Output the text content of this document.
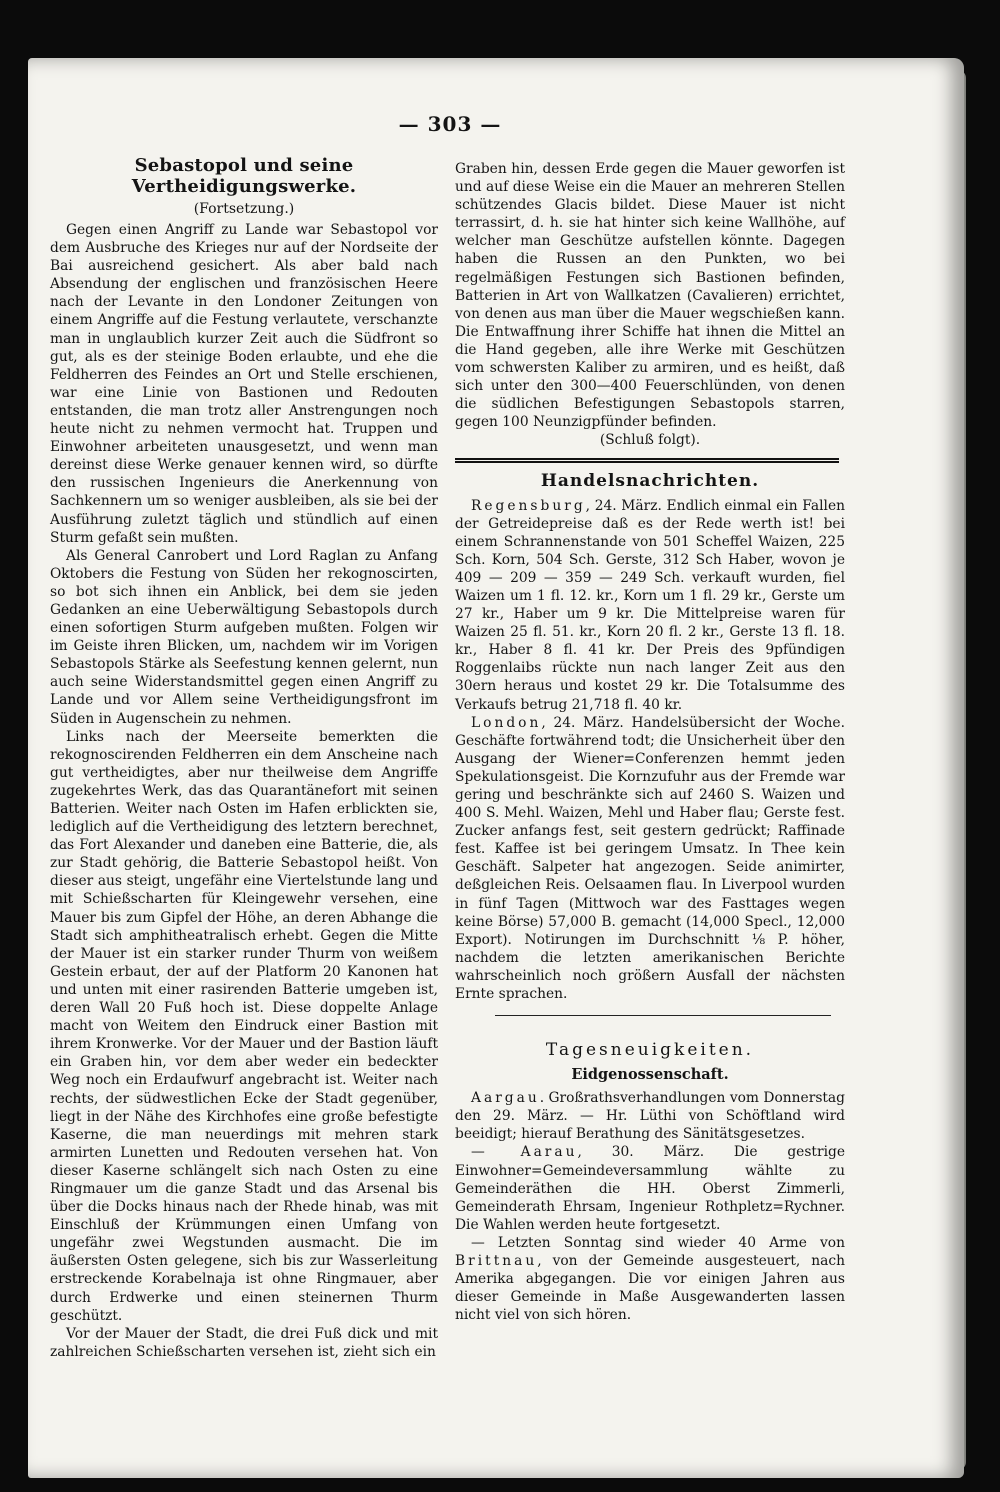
— 303 —
Sebastopol und seine Vertheidigungswerke.
(Fortsetzung.)

Gegen einen Angriff zu Lande war Sebastopol vor dem Ausbruche des Krieges nur auf der Nordseite der Bai ausreichend gesichert. Als aber bald nach Absendung der englischen und französischen Heere nach der Levante in den Londoner Zeitungen von einem Angriffe auf die Festung verlautete, verschanzte man in unglaublich kurzer Zeit auch die Südfront so gut, als es der steinige Boden erlaubte, und ehe die Feldherren des Feindes an Ort und Stelle erschienen, war eine Linie von Bastionen und Redouten entstanden, die man trotz aller Anstrengungen noch heute nicht zu nehmen vermocht hat. Truppen und Einwohner arbeiteten unausgesetzt, und wenn man dereinst diese Werke genauer kennen wird, so dürfte den russischen Ingenieurs die Anerkennung von Sachkennern um so weniger ausbleiben, als sie bei der Ausführung zuletzt täglich und stündlich auf einen Sturm gefaßt sein mußten.

Als General Canrobert und Lord Raglan zu Anfang Oktobers die Festung von Süden her rekognoscirten, so bot sich ihnen ein Anblick, bei dem sie jeden Gedanken an eine Ueberwältigung Sebastopols durch einen sofortigen Sturm aufgeben mußten. Folgen wir im Geiste ihren Blicken, um, nachdem wir im Vorigen Sebastopols Stärke als Seefestung kennen gelernt, nun auch seine Widerstandsmittel gegen einen Angriff zu Lande und vor Allem seine Vertheidigungsfront im Süden in Augenschein zu nehmen.

Links nach der Meerseite bemerkten die rekognoscirenden Feldherren ein dem Anscheine nach gut vertheidigtes, aber nur theilweise dem Angriffe zugekehrtes Werk, das das Quarantänefort mit seinen Batterien. Weiter nach Osten im Hafen erblickten sie, lediglich auf die Vertheidigung des letztern berechnet, das Fort Alexander und daneben eine Batterie, die, als zur Stadt gehörig, die Batterie Sebastopol heißt. Von dieser aus steigt, ungefähr eine Viertelstunde lang und mit Schießscharten für Kleingewehr versehen, eine Mauer bis zum Gipfel der Höhe, an deren Abhange die Stadt sich amphitheatralisch erhebt. Gegen die Mitte der Mauer ist ein starker runder Thurm von weißem Gestein erbaut, der auf der Platform 20 Kanonen hat und unten mit einer rasirenden Batterie umgeben ist, deren Wall 20 Fuß hoch ist. Diese doppelte Anlage macht von Weitem den Eindruck einer Bastion mit ihrem Kronwerke. Vor der Mauer und der Bastion läuft ein Graben hin, vor dem aber weder ein bedeckter Weg noch ein Erdaufwurf angebracht ist. Weiter nach rechts, der südwestlichen Ecke der Stadt gegenüber, liegt in der Nähe des Kirchhofes eine große befestigte Kaserne, die man neuerdings mit mehren stark armirten Lunetten und Redouten versehen hat. Von dieser Kaserne schlängelt sich nach Osten zu eine Ringmauer um die ganze Stadt und das Arsenal bis über die Docks hinaus nach der Rhede hinab, was mit Einschluß der Krümmungen einen Umfang von ungefähr zwei Wegstunden ausmacht. Die im äußersten Osten gelegene, sich bis zur Wasserleitung erstreckende Korabelnaja ist ohne Ringmauer, aber durch Erdwerke und einen steinernen Thurm geschützt.

Vor der Mauer der Stadt, die drei Fuß dick und mit zahlreichen Schießscharten versehen ist, zieht sich ein

Graben hin, dessen Erde gegen die Mauer geworfen ist und auf diese Weise ein die Mauer an mehreren Stellen schützendes Glacis bildet. Diese Mauer ist nicht terrassirt, d. h. sie hat hinter sich keine Wallhöhe, auf welcher man Geschütze aufstellen könnte. Dagegen haben die Russen an den Punkten, wo bei regelmäßigen Festungen sich Bastionen befinden, Batterien in Art von Wallkatzen (Cavalieren) errichtet, von denen aus man über die Mauer wegschießen kann. Die Entwaffnung ihrer Schiffe hat ihnen die Mittel an die Hand gegeben, alle ihre Werke mit Geschützen vom schwersten Kaliber zu armiren, und es heißt, daß sich unter den 300—400 Feuerschlünden, von denen die südlichen Befestigungen Sebastopols starren, gegen 100 Neunzigpfünder befinden.

(Schluß folgt).
Handelsnachrichten.

Regensburg, 24. März. Endlich einmal ein Fallen der Getreidepreise daß es der Rede werth ist! bei einem Schrannenstande von 501 Scheffel Waizen, 225 Sch. Korn, 504 Sch. Gerste, 312 Sch Haber, wovon je 409 — 209 — 359 — 249 Sch. verkauft wurden, fiel Waizen um 1 fl. 12. kr., Korn um 1 fl. 29 kr., Gerste um 27 kr., Haber um 9 kr. Die Mittelpreise waren für Waizen 25 fl. 51. kr., Korn 20 fl. 2 kr., Gerste 13 fl. 18. kr., Haber 8 fl. 41 kr. Der Preis des 9pfündigen Roggenlaibs rückte nun nach langer Zeit aus den 30ern heraus und kostet 29 kr. Die Totalsumme des Verkaufs betrug 21,718 fl. 40 kr.

London, 24. März. Handelsübersicht der Woche. Geschäfte fortwährend todt; die Unsicherheit über den Ausgang der Wiener=Conferenzen hemmt jeden Spekulationsgeist. Die Kornzufuhr aus der Fremde war gering und beschränkte sich auf 2460 S. Waizen und 400 S. Mehl. Waizen, Mehl und Haber flau; Gerste fest. Zucker anfangs fest, seit gestern gedrückt; Raffinade fest. Kaffee ist bei geringem Umsatz. In Thee kein Geschäft. Salpeter hat angezogen. Seide animirter, deßgleichen Reis. Oelsaamen flau. In Liverpool wurden in fünf Tagen (Mittwoch war des Fasttages wegen keine Börse) 57,000 B. gemacht (14,000 Specl., 12,000 Export). Notirungen im Durchschnitt ⅛ P. höher, nachdem die letzten amerikanischen Berichte wahrscheinlich noch größern Ausfall der nächsten Ernte sprachen.

Tagesneuigkeiten.
Eidgenossenschaft.

Aargau. Großrathsverhandlungen vom Donnerstag den 29. März. — Hr. Lüthi von Schöftland wird beeidigt; hierauf Berathung des Sänitätsgesetzes.

— Aarau, 30. März. Die gestrige Einwohner=Gemeindeversammlung wählte zu Gemeinderäthen die HH. Oberst Zimmerli, Gemeinderath Ehrsam, Ingenieur Rothpletz=Rychner. Die Wahlen werden heute fortgesetzt.

— Letzten Sonntag sind wieder 40 Arme von Brittnau, von der Gemeinde ausgesteuert, nach Amerika abgegangen. Die vor einigen Jahren aus dieser Gemeinde in Maße Ausgewanderten lassen nicht viel von sich hören.
